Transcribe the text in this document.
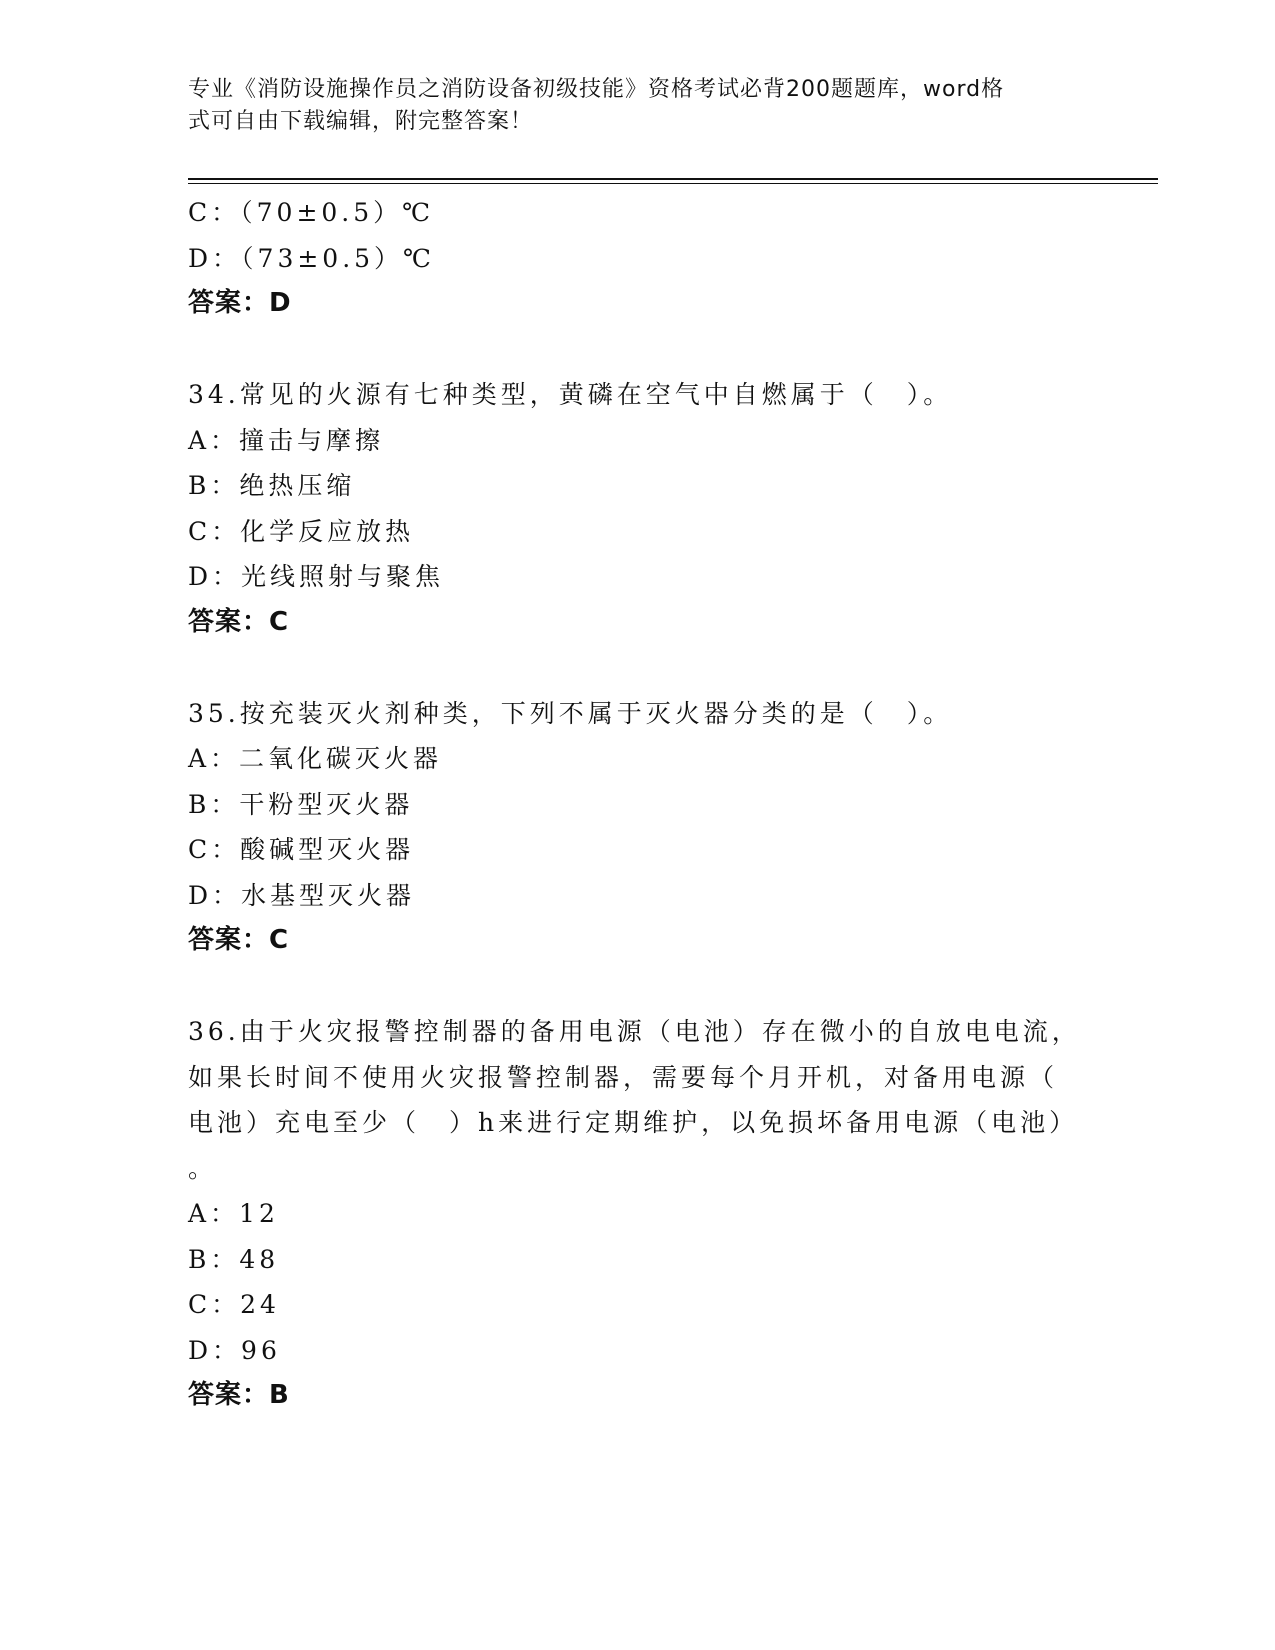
专业《消防设施操作员之消防设备初级技能》资格考试必背200题题库，word格
式可自由下载编辑，附完整答案！
C：（70±0.5）℃
D：（73±0.5）℃
答案：D
34.常见的火源有七种类型，黄磷在空气中自燃属于（　）。
A：撞击与摩擦
B：绝热压缩
C：化学反应放热
D：光线照射与聚焦
答案：C
35.按充装灭火剂种类，下列不属于灭火器分类的是（　）。
A：二氧化碳灭火器
B：干粉型灭火器
C：酸碱型灭火器
D：水基型灭火器
答案：C
36.由于火灾报警控制器的备用电源（电池）存在微小的自放电电流，
如果长时间不使用火灾报警控制器，需要每个月开机，对备用电源（
电池）充电至少（　）h来进行定期维护，以免损坏备用电源（电池）
。
A：12
B：48
C：24
D：96
答案：B
